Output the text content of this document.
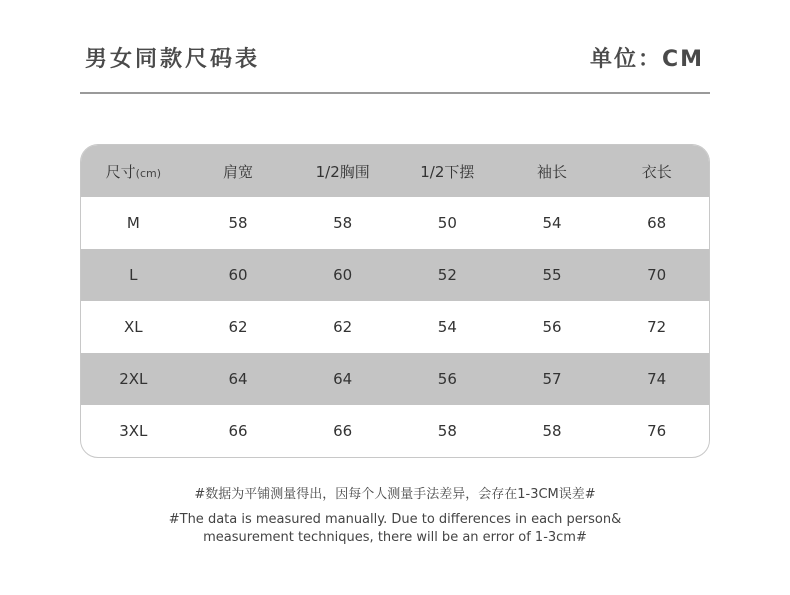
男女同款尺码表	单位：CM
尺寸(cm)	肩宽	1/2胸围	1/2下摆	袖长	衣长
M	58	58	50	54	68
L	60	60	52	55	70
XL	62	62	54	56	72
2XL	64	64	56	57	74
3XL	66	66	58	58	76
#数据为平铺测量得出，因每个人测量手法差异，会存在1-3CM误差#
#The data is measured manually. Due to differences in each person&
measurement techniques, there will be an error of 1-3cm#
